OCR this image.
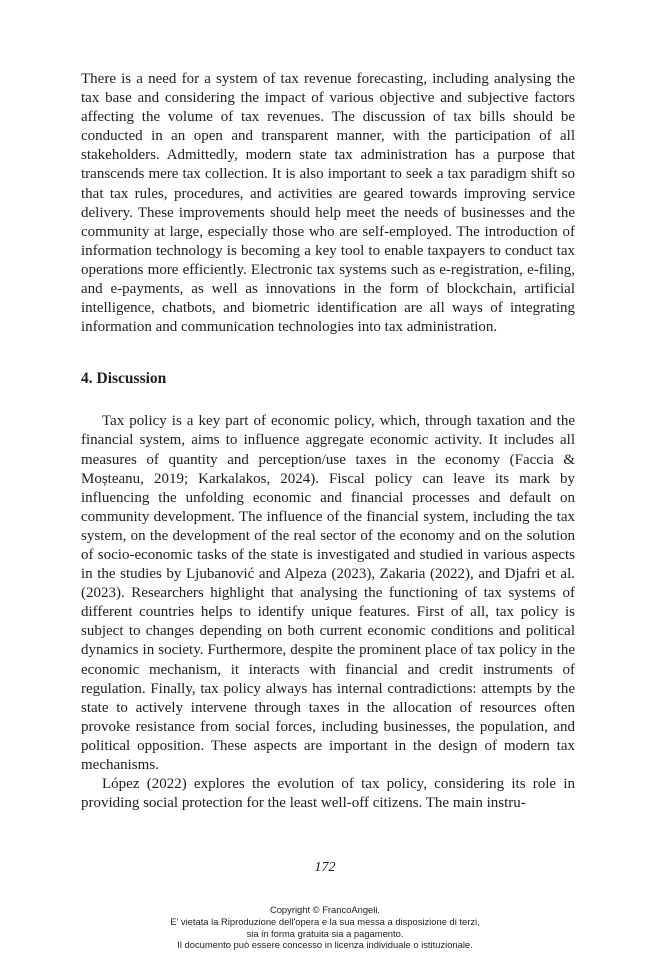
There is a need for a system of tax revenue forecasting, including analysing the tax base and considering the impact of various objective and subjective factors affecting the volume of tax revenues. The discussion of tax bills should be conducted in an open and transparent manner, with the participation of all stakeholders. Admittedly, modern state tax administration has a purpose that transcends mere tax collection. It is also important to seek a tax paradigm shift so that tax rules, procedures, and activities are geared towards improving service delivery. These improvements should help meet the needs of businesses and the community at large, especially those who are self-employed. The introduction of information technology is becoming a key tool to enable taxpayers to conduct tax operations more efficiently. Electronic tax systems such as e-registration, e-filing, and e-payments, as well as innovations in the form of blockchain, artificial intelligence, chatbots, and biometric identification are all ways of integrating information and communication technologies into tax administration.

4. Discussion

Tax policy is a key part of economic policy, which, through taxation and the financial system, aims to influence aggregate economic activity. It includes all measures of quantity and perception/use taxes in the economy (Faccia & Moșteanu, 2019; Karkalakos, 2024). Fiscal policy can leave its mark by influencing the unfolding economic and financial processes and default on community development. The influence of the financial system, including the tax system, on the development of the real sector of the economy and on the solution of socio-economic tasks of the state is investigated and studied in various aspects in the studies by Ljubanović and Alpeza (2023), Zakaria (2022), and Djafri et al. (2023). Researchers highlight that analysing the functioning of tax systems of different countries helps to identify unique features. First of all, tax policy is subject to changes depending on both current economic conditions and political dynamics in society. Furthermore, despite the prominent place of tax policy in the economic mechanism, it interacts with financial and credit instruments of regulation. Finally, tax policy always has internal contradictions: attempts by the state to actively intervene through taxes in the allocation of resources often provoke resistance from social forces, including businesses, the population, and political opposition. These aspects are important in the design of modern tax mechanisms.

López (2022) explores the evolution of tax policy, considering its role in providing social protection for the least well-off citizens. The main instru-

172
Copyright © FrancoAngeli.
E' vietata la Riproduzione dell'opera e la sua messa a disposizione di terzi,
sia in forma gratuita sia a pagamento.
Il documento può essere concesso in licenza individuale o istituzionale.
